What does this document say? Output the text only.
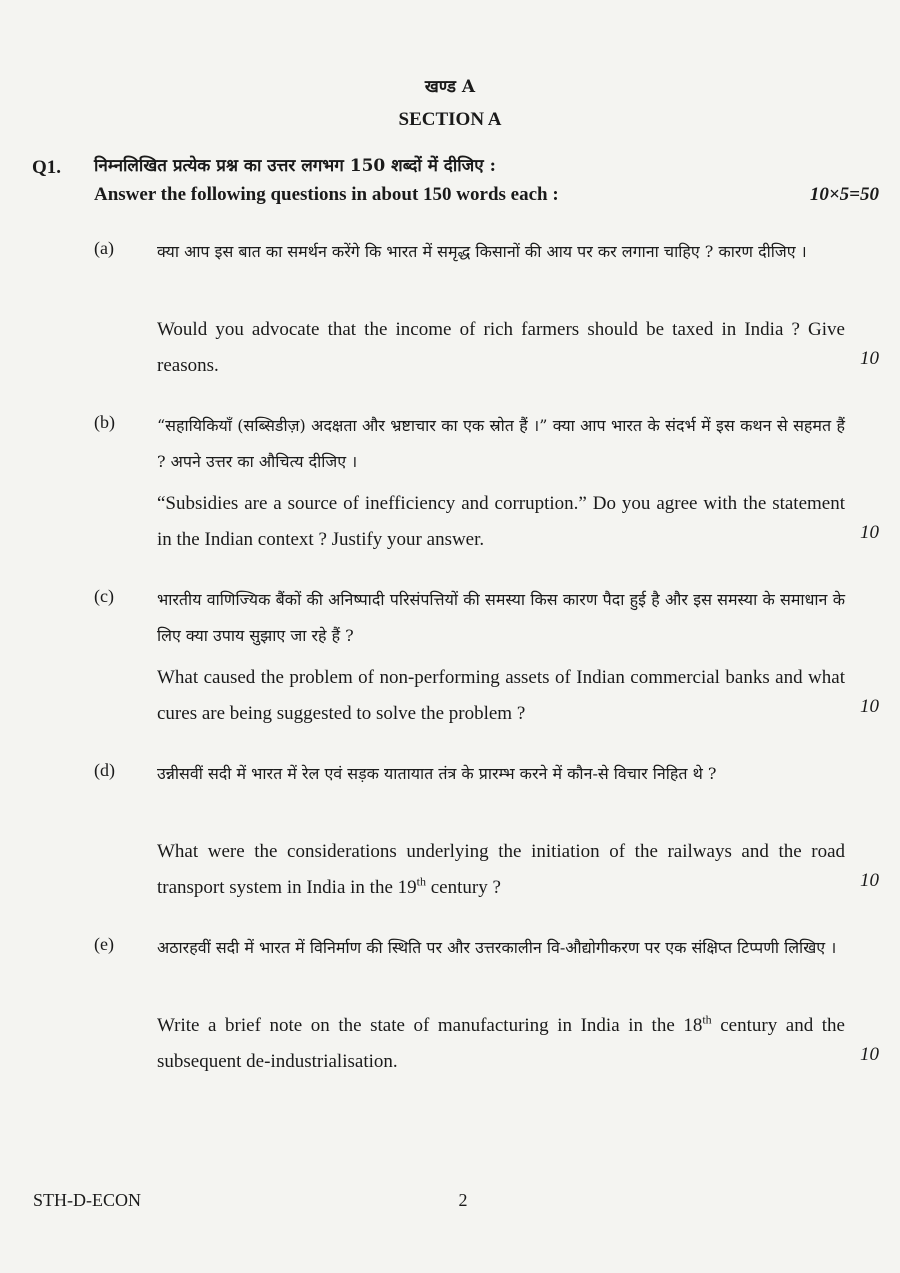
खण्ड A
SECTION A
Q1. निम्नलिखित प्रत्येक प्रश्न का उत्तर लगभग 150 शब्दों में दीजिए :
Answer the following questions in about 150 words each :	10×5=50
(a)	क्या आप इस बात का समर्थन करेंगे कि भारत में समृद्ध किसानों की आय पर कर लगाना चाहिए ? कारण दीजिए ।
Would you advocate that the income of rich farmers should be taxed in India ? Give reasons.	10
(b)	“सहायिकियाँ (सब्सिडीज़) अदक्षता और भ्रष्टाचार का एक स्रोत हैं ।” क्या आप भारत के संदर्भ में इस कथन से सहमत हैं ? अपने उत्तर का औचित्य दीजिए ।
“Subsidies are a source of inefficiency and corruption.” Do you agree with the statement in the Indian context ? Justify your answer.	10
(c)	भारतीय वाणिज्यिक बैंकों की अनिष्पादी परिसंपत्तियों की समस्या किस कारण पैदा हुई है और इस समस्या के समाधान के लिए क्या उपाय सुझाए जा रहे हैं ?
What caused the problem of non-performing assets of Indian commercial banks and what cures are being suggested to solve the problem ?	10
(d)	उन्नीसवीं सदी में भारत में रेल एवं सड़क यातायात तंत्र के प्रारम्भ करने में कौन-से विचार निहित थे ?
What were the considerations underlying the initiation of the railways and the road transport system in India in the 19th century ?	10
(e)	अठारहवीं सदी में भारत में विनिर्माण की स्थिति पर और उत्तरकालीन वि-औद्योगीकरण पर एक संक्षिप्त टिप्पणी लिखिए ।
Write a brief note on the state of manufacturing in India in the 18th century and the subsequent de-industrialisation.	10
STH-D-ECON	2
